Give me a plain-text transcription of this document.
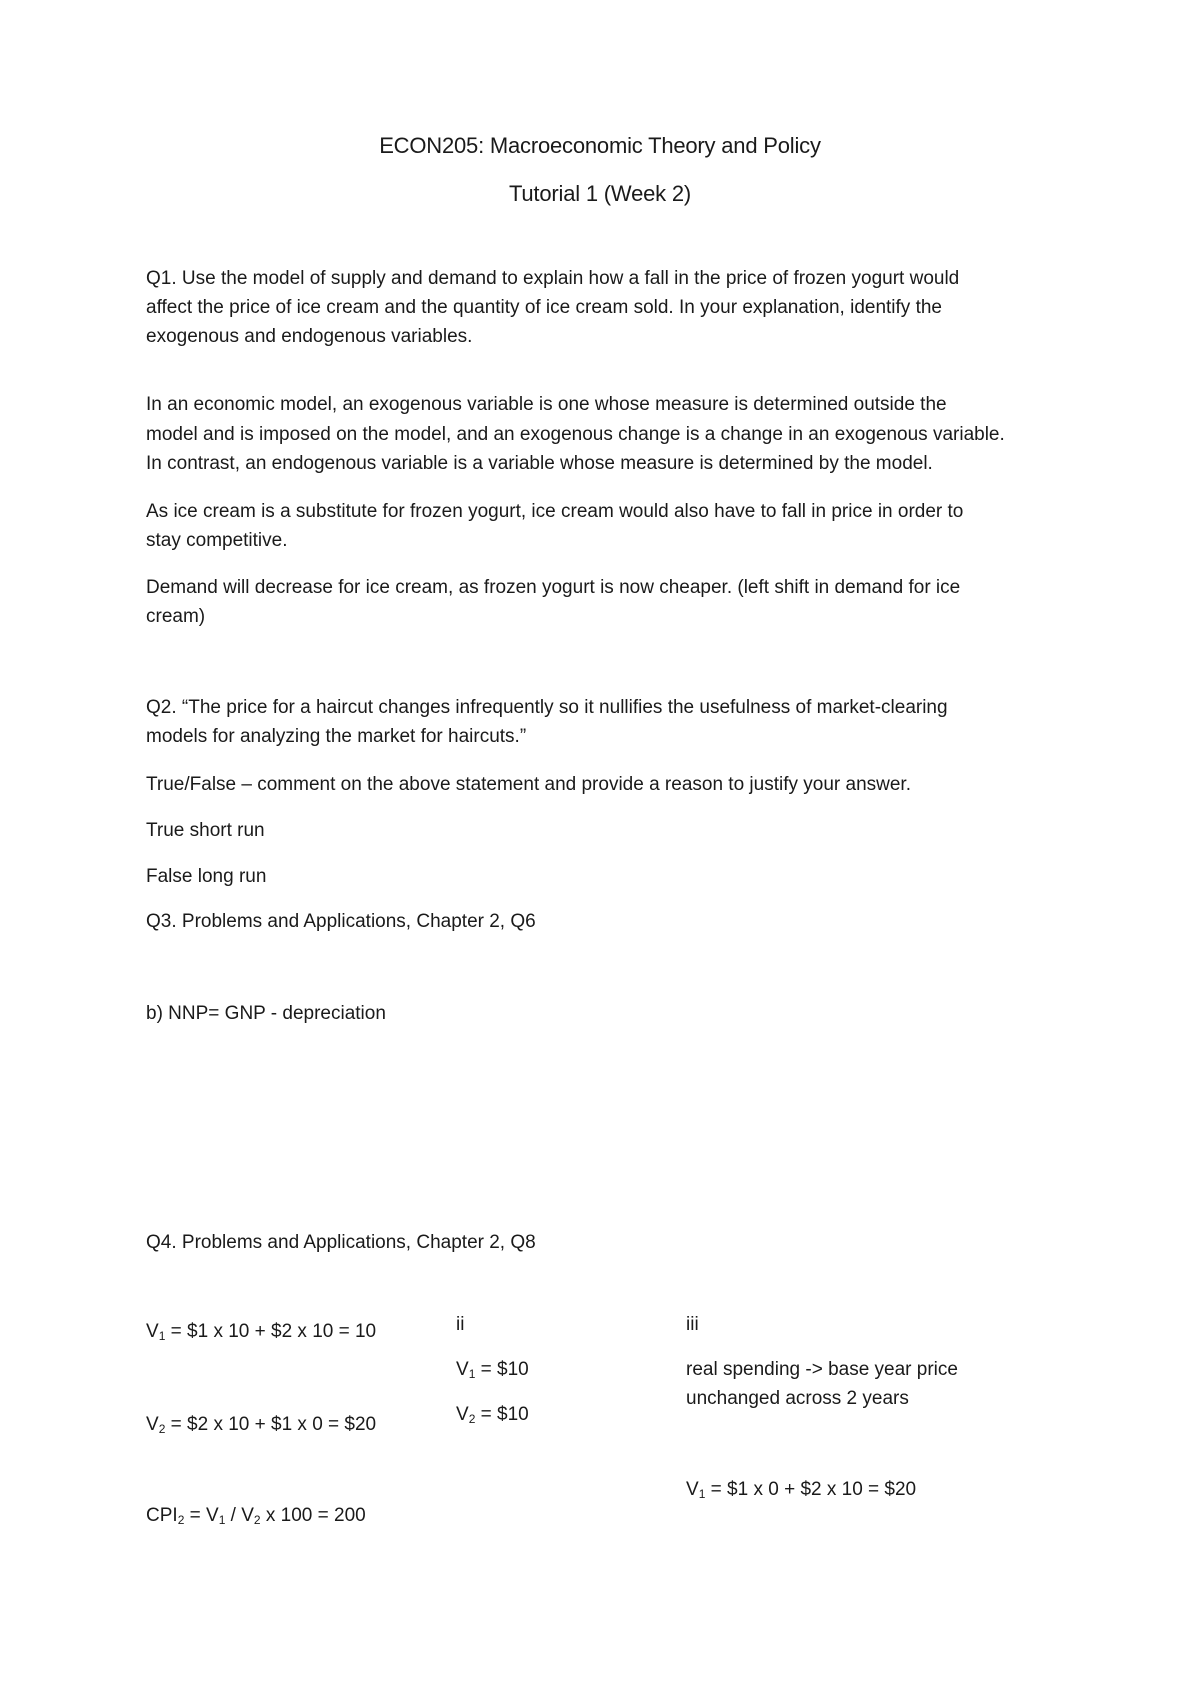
ECON205: Macroeconomic Theory and Policy
Tutorial 1 (Week 2)
Q1. Use the model of supply and demand to explain how a fall in the price of frozen yogurt would
affect the price of ice cream and the quantity of ice cream sold. In your explanation, identify the
exogenous and endogenous variables.
In an economic model, an exogenous variable is one whose measure is determined outside the
model and is imposed on the model, and an exogenous change is a change in an exogenous variable.
In contrast, an endogenous variable is a variable whose measure is determined by the model.
As ice cream is a substitute for frozen yogurt, ice cream would also have to fall in price in order to
stay competitive.
Demand will decrease for ice cream, as frozen yogurt is now cheaper. (left shift in demand for ice
cream)
Q2. “The price for a haircut changes infrequently so it nullifies the usefulness of market-clearing
models for analyzing the market for haircuts.”
True/False – comment on the above statement and provide a reason to justify your answer.
True short run
False long run
Q3. Problems and Applications, Chapter 2, Q6
b) NNP= GNP - depreciation
Q4. Problems and Applications, Chapter 2, Q8
$V_1$ = $1 x 10 + $2 x 10 = 10
$V_2$ = $2 x 10 + $1 x 0 = $20
$CPI_2 = V_1 / V_2$ x 100 = 200
ii
$V_1$ = $10
$V_2$ = $10
iii
real spending -> base year price
unchanged across 2 years
$V_1$ = $1 x 0 + $2 x 10 = $20
